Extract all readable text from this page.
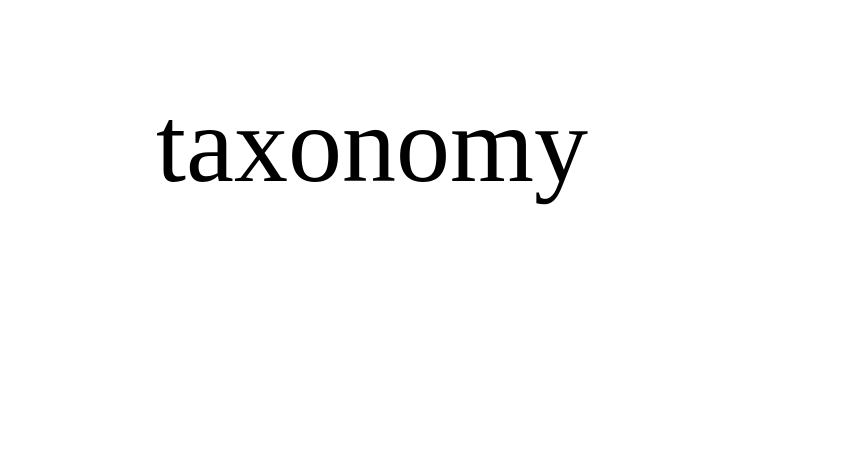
taxonomy
